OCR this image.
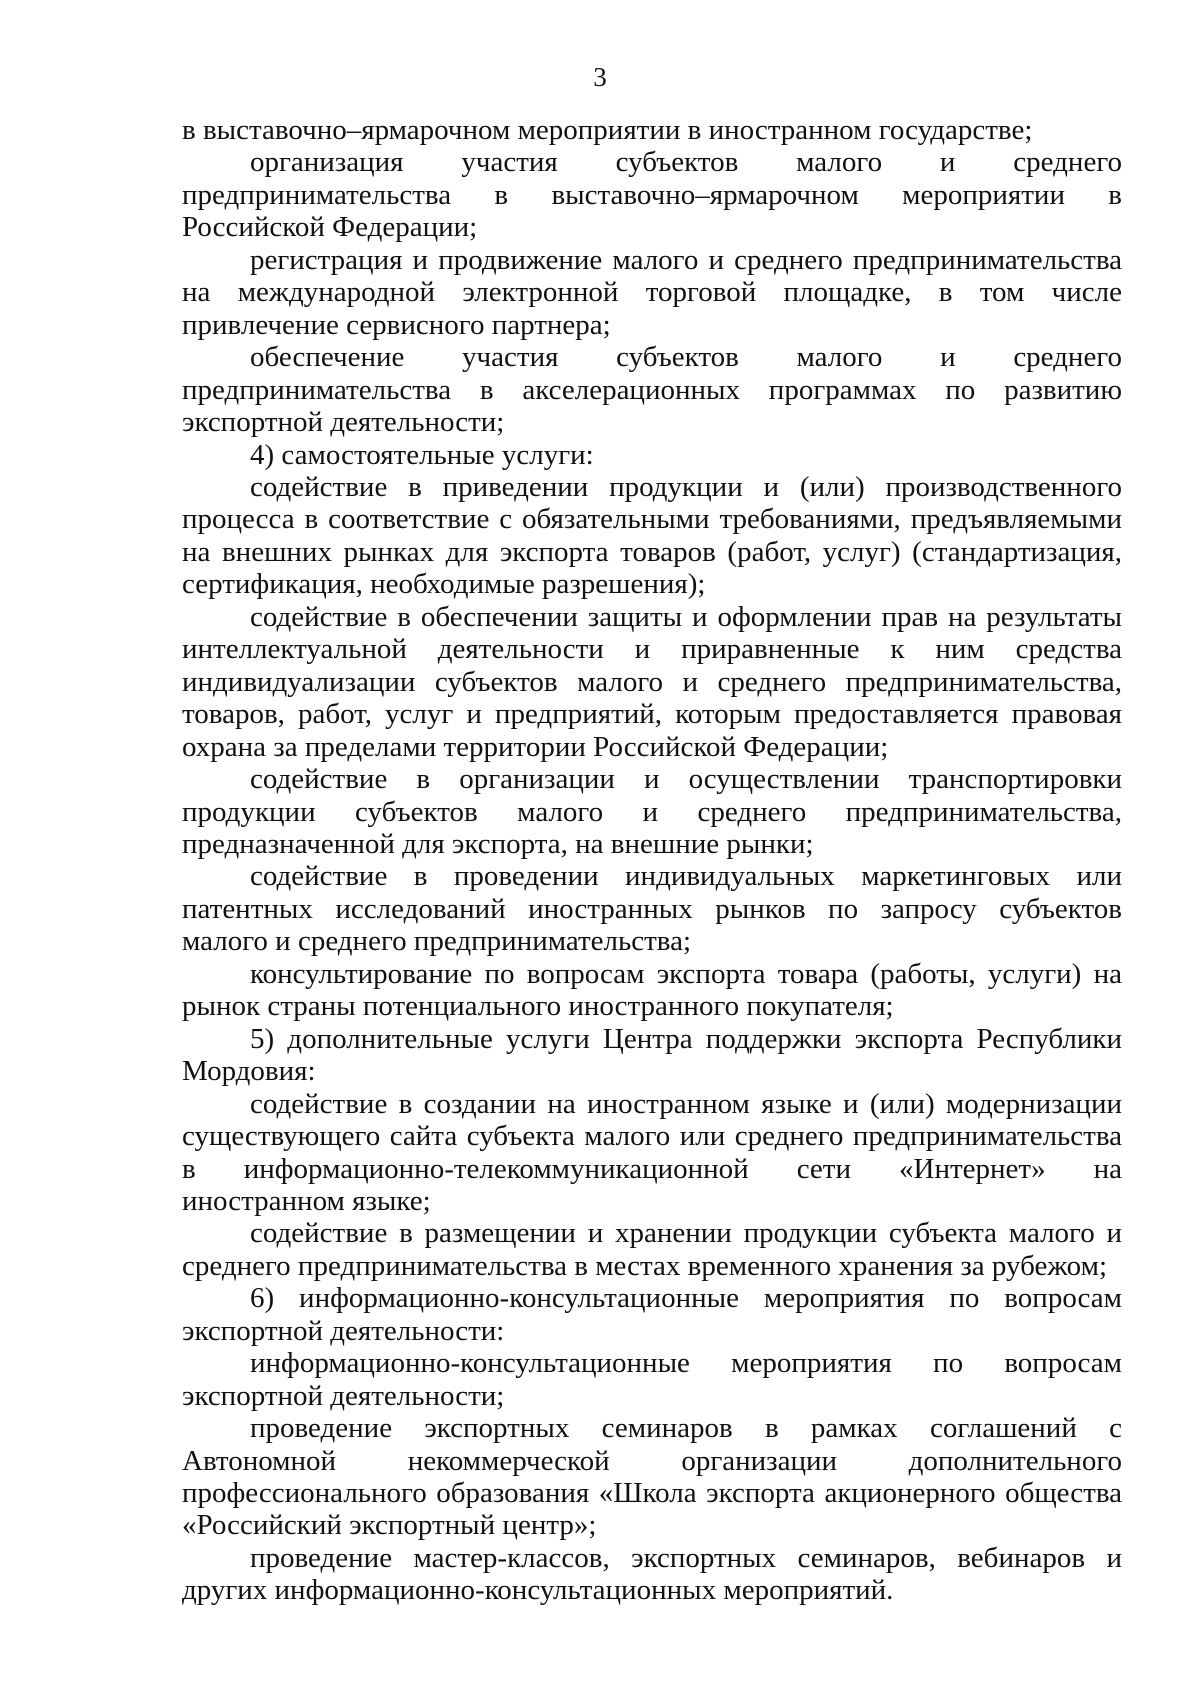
3

в выставочно–ярмарочном мероприятии в иностранном государстве;

организация участия субъектов малого и среднего предпринимательства в выставочно–ярмарочном мероприятии в Российской Федерации;

регистрация и продвижение малого и среднего предпринимательства на международной электронной торговой площадке, в том числе привлечение сервисного партнера;

обеспечение участия субъектов малого и среднего предпринимательства в акселерационных программах по развитию экспортной деятельности;

4) самостоятельные услуги:

содействие в приведении продукции и (или) производственного процесса в соответствие с обязательными требованиями, предъявляемыми на внешних рынках для экспорта товаров (работ, услуг) (стандартизация, сертификация, необходимые разрешения);

содействие в обеспечении защиты и оформлении прав на результаты интеллектуальной деятельности и приравненные к ним средства индивидуализации субъектов малого и среднего предпринимательства, товаров, работ, услуг и предприятий, которым предоставляется правовая охрана за пределами территории Российской Федерации;

содействие в организации и осуществлении транспортировки продукции субъектов малого и среднего предпринимательства, предназначенной для экспорта, на внешние рынки;

содействие в проведении индивидуальных маркетинговых или патентных исследований иностранных рынков по запросу субъектов малого и среднего предпринимательства;

консультирование по вопросам экспорта товара (работы, услуги) на рынок страны потенциального иностранного покупателя;

5) дополнительные услуги Центра поддержки экспорта Республики Мордовия:

содействие в создании на иностранном языке и (или) модернизации существующего сайта субъекта малого или среднего предпринимательства в информационно-телекоммуникационной сети «Интернет» на иностранном языке;

содействие в размещении и хранении продукции субъекта малого и среднего предпринимательства в местах временного хранения за рубежом;

6) информационно-консультационные мероприятия по вопросам экспортной деятельности:

информационно-консультационные мероприятия по вопросам экспортной деятельности;

проведение экспортных семинаров в рамках соглашений с Автономной некоммерческой организации дополнительного профессионального образования «Школа экспорта акционерного общества «Российский экспортный центр»;

проведение мастер-классов, экспортных семинаров, вебинаров и других информационно-консультационных мероприятий.
